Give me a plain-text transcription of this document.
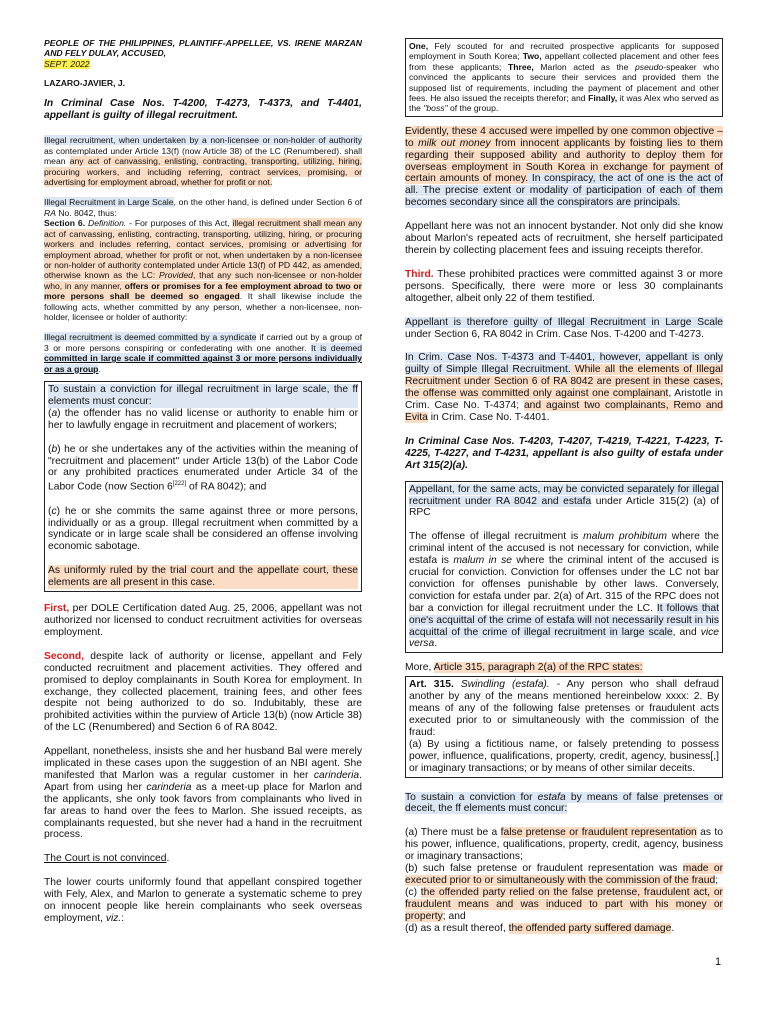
PEOPLE OF THE PHILIPPINES, PLAINTIFF-APPELLEE, VS. IRENE MARZAN AND FELY DULAY, ACCUSED,
SEPT. 2022

LAZARO-JAVIER, J.

In Criminal Case Nos. T-4200, T-4273, T-4373, and T-4401, appellant is guilty of illegal recruitment.

Illegal recruitment, when undertaken by a non-licensee or non-holder of authority as contemplated under Article 13(f) (now Article 38) of the LC (Renumbered). shall mean any act of canvassing, enlisting, contracting, transporting, utilizing, hiring, procuring workers, and including referring, contract services, promising, or advertising for employment abroad, whether for profit or not.

Illegal Recruitment in Large Scale, on the other hand, is defined under Section 6 of RA No. 8042, thus:
Section 6. Definition. - For purposes of this Act, illegal recruitment shall mean any act of canvassing, enlisting, contracting, transporting, utilizing, hiring, or procuring workers and includes referring, contact services, promising or advertising for employment abroad, whether for profit or not, when undertaken by a non-licensee or non-holder of authority contemplated under Article 13(f) of PD 442, as amended, otherwise known as the LC: Provided, that any such non-licensee or non-holder who, in any manner, offers or promises for a fee employment abroad to two or more persons shall be deemed so engaged. It shall likewise include the following acts, whether committed by any person, whether a non-licensee, non-holder, licensee or holder of authority:

Illegal recruitment is deemed committed by a syndicate if carried out by a group of 3 or more persons conspiring or confederating with one another. It is deemed committed in large scale if committed against 3 or more persons individually or as a group.

To sustain a conviction for illegal recruitment in large scale, the ff elements must concur:

(a) the offender has no valid license or authority to enable him or her to lawfully engage in recruitment and placement of workers;

(b) he or she undertakes any of the activities within the meaning of "recruitment and placement" under Article 13(b) of the Labor Code or any prohibited practices enumerated under Article 34 of the Labor Code (now Section 6[222] of RA 8042); and

(c) he or she commits the same against three or more persons, individually or as a group. Illegal recruitment when committed by a syndicate or in large scale shall be considered an offense involving economic sabotage.

As uniformly ruled by the trial court and the appellate court, these elements are all present in this case.

First, per DOLE Certification dated Aug. 25, 2006, appellant was not authorized nor licensed to conduct recruitment activities for overseas employment.

Second, despite lack of authority or license, appellant and Fely conducted recruitment and placement activities. They offered and promised to deploy complainants in South Korea for employment. In exchange, they collected placement, training fees, and other fees despite not being authorized to do so. Indubitably, these are prohibited activities within the purview of Article 13(b) (now Article 38) of the LC (Renumbered) and Section 6 of RA 8042.

Appellant, nonetheless, insists she and her husband Bal were merely implicated in these cases upon the suggestion of an NBI agent. She manifested that Marlon was a regular customer in her carinderia. Apart from using her carinderia as a meet-up place for Marlon and the applicants, she only took favors from complainants who lived in far areas to hand over the fees to Marlon. She issued receipts, as complainants requested, but she never had a hand in the recruitment process.

The Court is not convinced.

The lower courts uniformly found that appellant conspired together with Fely, Alex, and Marlon to generate a systematic scheme to prey on innocent people like herein complainants who seek overseas employment, viz.:

One, Fely scouted for and recruited prospective applicants for supposed employment in South Korea; Two, appellant collected placement and other fees from these applicants; Three, Marlon acted as the pseudo-speaker who convinced the applicants to secure their services and provided them the supposed list of requirements, including the payment of placement and other fees. He also issued the receipts therefor; and Finally, it was Alex who served as the "boss" of the group.

Evidently, these 4 accused were impelled by one common objective – to milk out money from innocent applicants by foisting lies to them regarding their supposed ability and authority to deploy them for overseas employment in South Korea in exchange for payment of certain amounts of money. In conspiracy, the act of one is the act of all. The precise extent or modality of participation of each of them becomes secondary since all the conspirators are principals.

Appellant here was not an innocent bystander. Not only did she know about Marlon's repeated acts of recruitment, she herself participated therein by collecting placement fees and issuing receipts therefor.

Third. These prohibited practices were committed against 3 or more persons. Specifically, there were more or less 30 complainants altogether, albeit only 22 of them testified.

Appellant is therefore guilty of Illegal Recruitment in Large Scale under Section 6, RA 8042 in Crim. Case Nos. T-4200 and T-4273.

In Crim. Case Nos. T-4373 and T-4401, however, appellant is only guilty of Simple Illegal Recruitment. While all the elements of Illegal Recruitment under Section 6 of RA 8042 are present in these cases, the offense was committed only against one complainant, Aristotle in Crim. Case No. T-4374; and against two complainants, Remo and Evita in Crim. Case No. T-4401.

In Criminal Case Nos. T-4203, T-4207, T-4219, T-4221, T-4223, T-4225, T-4227, and T-4231, appellant is also guilty of estafa under Art 315(2)(a).

Appellant, for the same acts, may be convicted separately for illegal recruitment under RA 8042 and estafa under Article 315(2) (a) of RPC

The offense of illegal recruitment is malum prohibitum where the criminal intent of the accused is not necessary for conviction, while estafa is malum in se where the criminal intent of the accused is crucial for conviction. Conviction for offenses under the LC not bar conviction for offenses punishable by other laws. Conversely, conviction for estafa under par. 2(a) of Art. 315 of the RPC does not bar a conviction for illegal recruitment under the LC. It follows that one's acquittal of the crime of estafa will not necessarily result in his acquittal of the crime of illegal recruitment in large scale, and vice versa.

More, Article 315, paragraph 2(a) of the RPC states:

Art. 315. Swindling (estafa). - Any person who shall defraud another by any of the means mentioned hereinbelow xxxx: 2. By means of any of the following false pretenses or fraudulent acts executed prior to or simultaneously with the commission of the fraud:

(a) By using a fictitious name, or falsely pretending to possess power, influence, qualifications, property, credit, agency, business[,] or imaginary transactions; or by means of other similar deceits.

To sustain a conviction for estafa by means of false pretenses or deceit, the ff elements must concur:

(a) There must be a false pretense or fraudulent representation as to his power, influence, qualifications, property, credit, agency, business or imaginary transactions;

(b) such false pretense or fraudulent representation was made or executed prior to or simultaneously with the commission of the fraud;

(c) the offended party relied on the false pretense, fraudulent act, or fraudulent means and was induced to part with his money or property; and

(d) as a result thereof, the offended party suffered damage.

1
